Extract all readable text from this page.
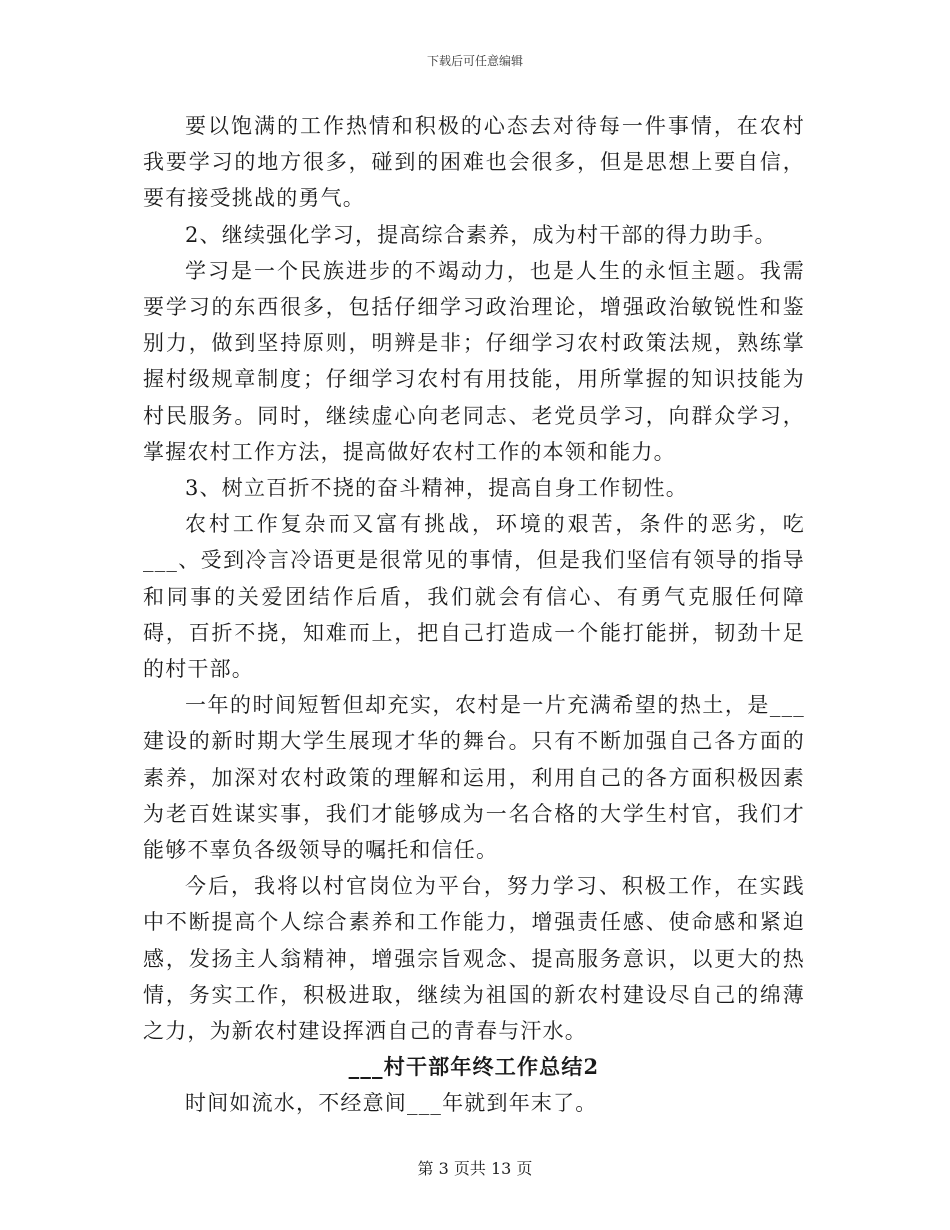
下载后可任意编辑

要以饱满的工作热情和积极的心态去对待每一件事情，在农村我要学习的地方很多，碰到的困难也会很多，但是思想上要自信，要有接受挑战的勇气。

2、继续强化学习，提高综合素养，成为村干部的得力助手。

学习是一个民族进步的不竭动力，也是人生的永恒主题。我需要学习的东西很多，包括仔细学习政治理论，增强政治敏锐性和鉴别力，做到坚持原则，明辨是非；仔细学习农村政策法规，熟练掌握村级规章制度；仔细学习农村有用技能，用所掌握的知识技能为村民服务。同时，继续虚心向老同志、老党员学习，向群众学习，掌握农村工作方法，提高做好农村工作的本领和能力。

3、树立百折不挠的奋斗精神，提高自身工作韧性。

农村工作复杂而又富有挑战，环境的艰苦，条件的恶劣，吃___、受到冷言冷语更是很常见的事情，但是我们坚信有领导的指导和同事的关爱团结作后盾，我们就会有信心、有勇气克服任何障碍，百折不挠，知难而上，把自己打造成一个能打能拼，韧劲十足的村干部。

一年的时间短暂但却充实，农村是一片充满希望的热土，是___建设的新时期大学生展现才华的舞台。只有不断加强自己各方面的素养，加深对农村政策的理解和运用，利用自己的各方面积极因素为老百姓谋实事，我们才能够成为一名合格的大学生村官，我们才能够不辜负各级领导的嘱托和信任。

今后，我将以村官岗位为平台，努力学习、积极工作，在实践中不断提高个人综合素养和工作能力，增强责任感、使命感和紧迫感，发扬主人翁精神，增强宗旨观念、提高服务意识，以更大的热情，务实工作，积极进取，继续为祖国的新农村建设尽自己的绵薄之力，为新农村建设挥洒自己的青春与汗水。

___村干部年终工作总结2

时间如流水，不经意间___年就到年末了。

第 3 页共 13 页
